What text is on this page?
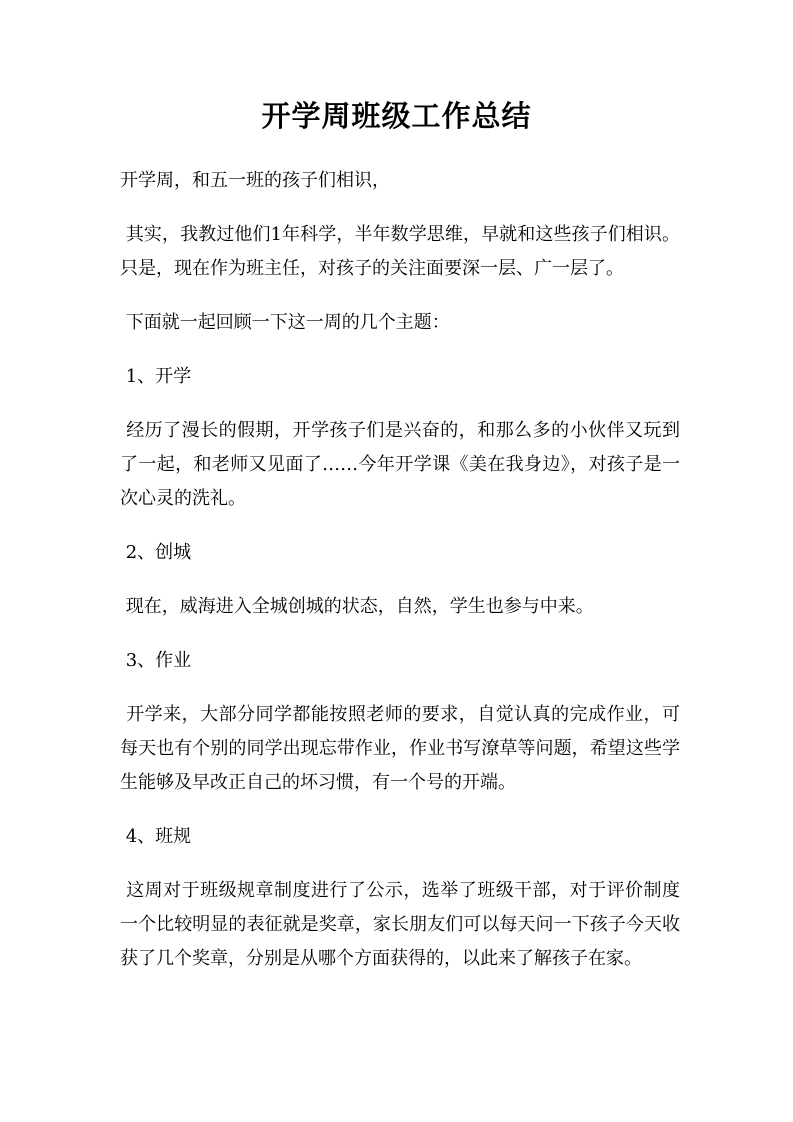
开学周班级工作总结

开学周，和五一班的孩子们相识，

其实，我教过他们1年科学，半年数学思维，早就和这些孩子们相识。只是，现在作为班主任，对孩子的关注面要深一层、广一层了。

下面就一起回顾一下这一周的几个主题：

1、开学

经历了漫长的假期，开学孩子们是兴奋的，和那么多的小伙伴又玩到了一起，和老师又见面了……今年开学课《美在我身边》，对孩子是一次心灵的洗礼。

2、创城

现在，威海进入全城创城的状态，自然，学生也参与中来。

3、作业

开学来，大部分同学都能按照老师的要求，自觉认真的完成作业，可每天也有个别的同学出现忘带作业，作业书写潦草等问题，希望这些学生能够及早改正自己的坏习惯，有一个号的开端。

4、班规

这周对于班级规章制度进行了公示，选举了班级干部，对于评价制度一个比较明显的表征就是奖章，家长朋友们可以每天问一下孩子今天收获了几个奖章，分别是从哪个方面获得的，以此来了解孩子在家。
